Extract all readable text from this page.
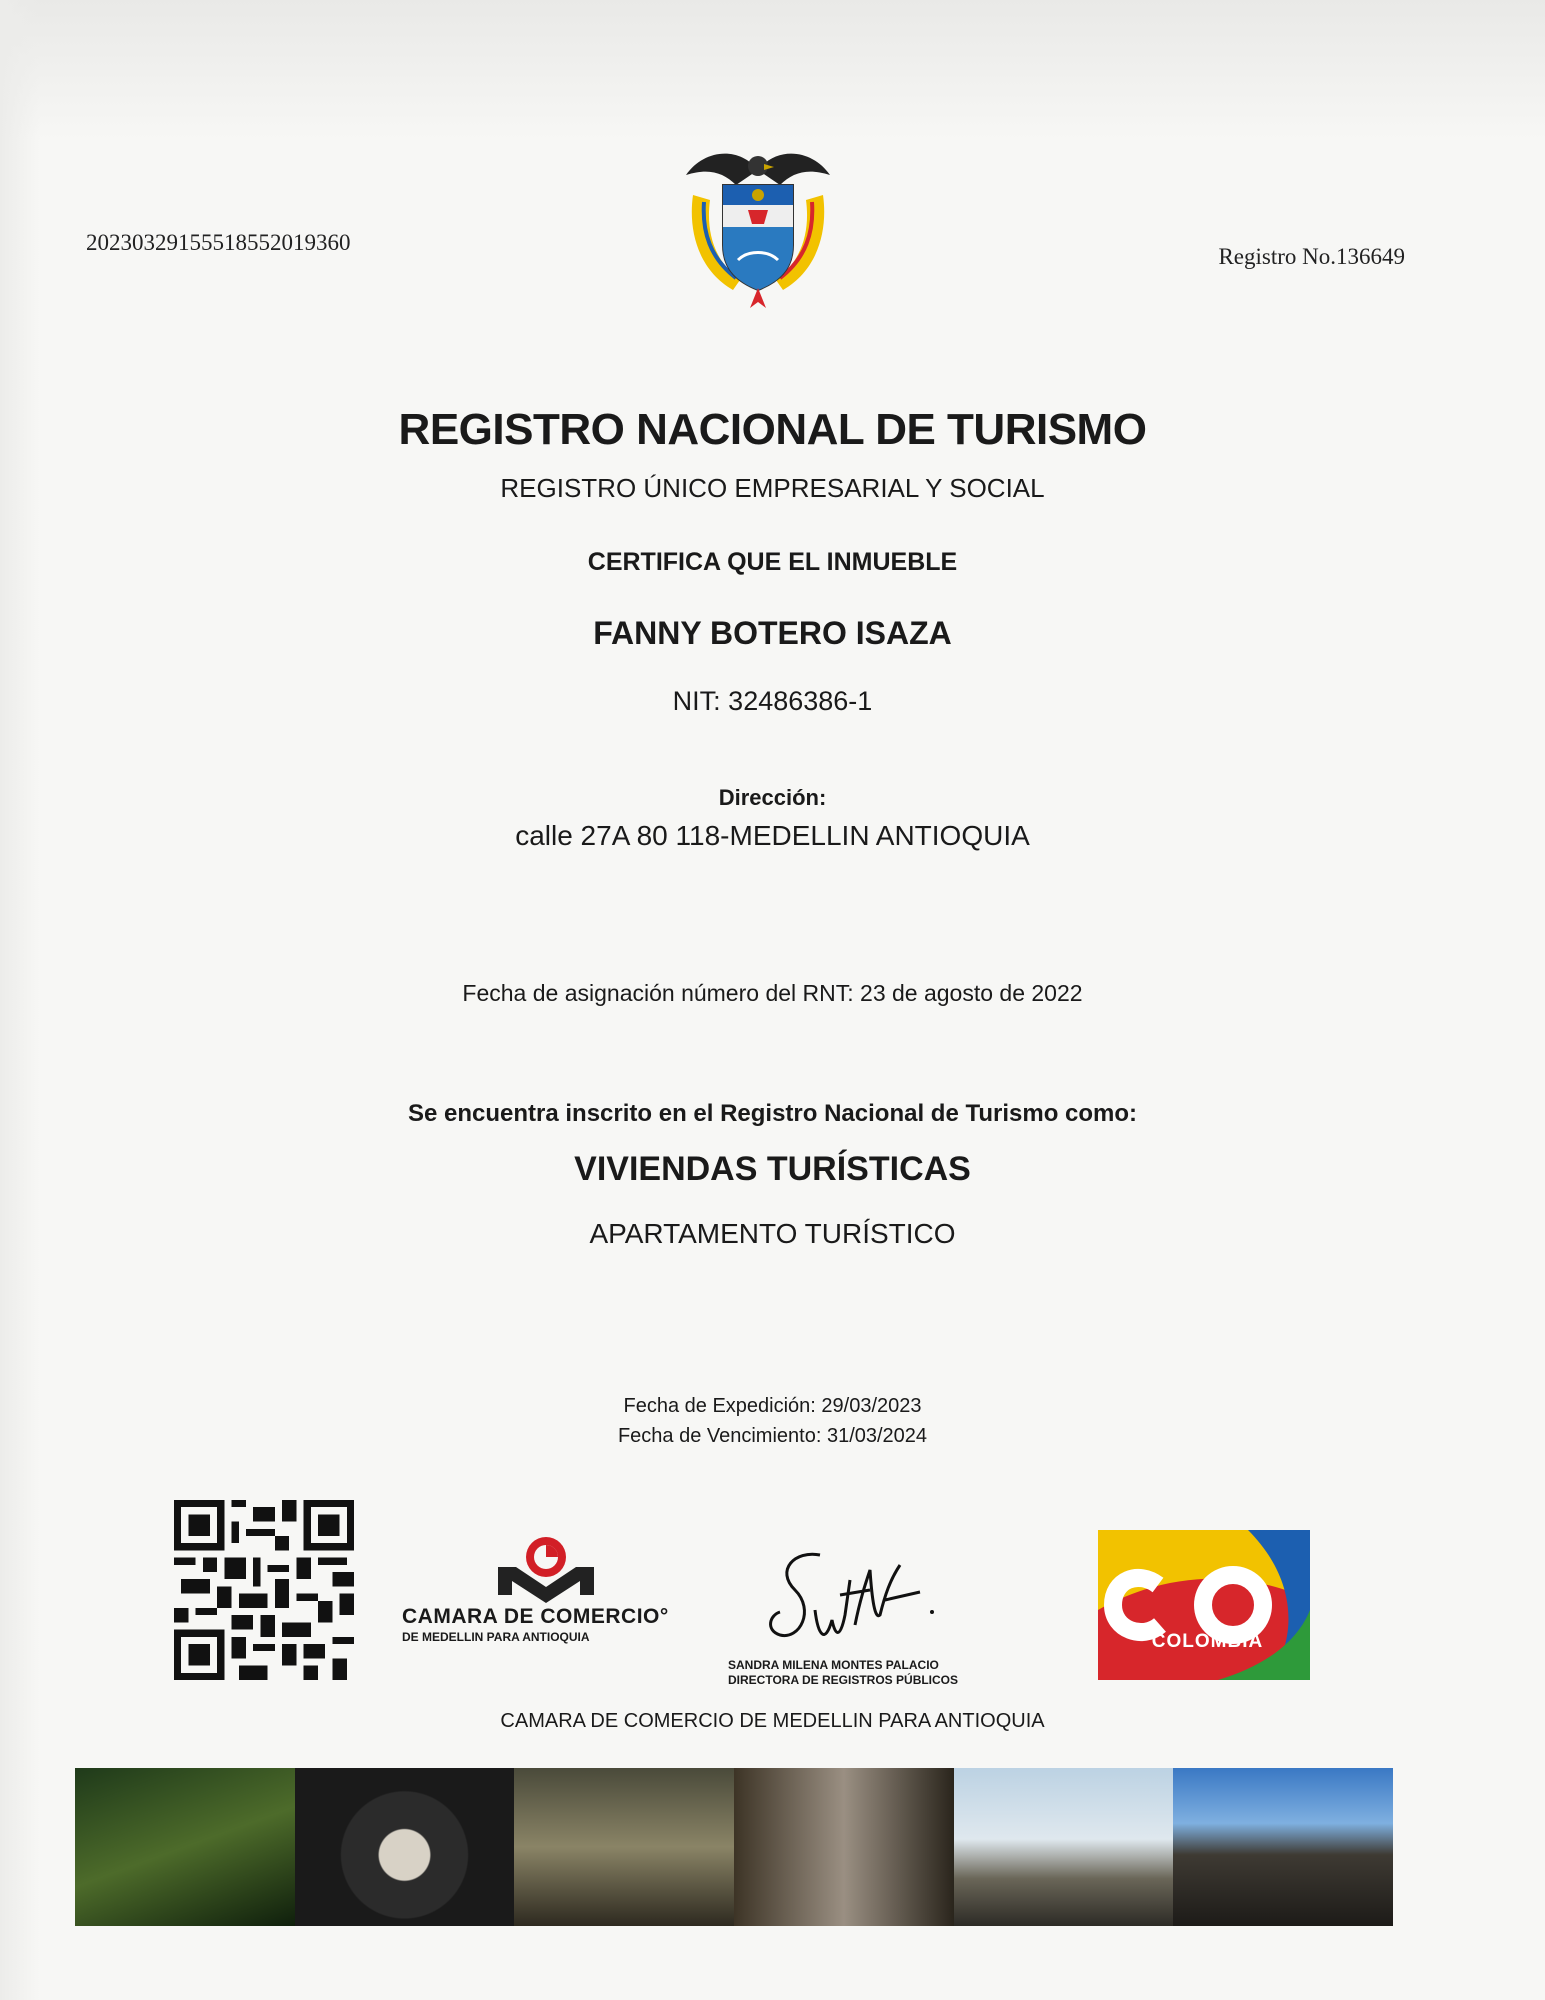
20230329155518552019360
Registro No.136649
REGISTRO NACIONAL DE TURISMO
REGISTRO ÚNICO EMPRESARIAL Y SOCIAL
CERTIFICA QUE EL INMUEBLE
FANNY BOTERO ISAZA
NIT: 32486386-1
Dirección:
calle 27A 80 118-MEDELLIN ANTIOQUIA
Fecha de asignación número del RNT: 23 de agosto de 2022
Se encuentra inscrito en el Registro Nacional de Turismo como:
VIVIENDAS TURÍSTICAS
APARTAMENTO TURÍSTICO
Fecha de Expedición: 29/03/2023
Fecha de Vencimiento: 31/03/2024
CAMARA DE COMERCIO°
DE MEDELLIN PARA ANTIOQUIA
SANDRA MILENA MONTES PALACIO
DIRECTORA DE REGISTROS PÚBLICOS
COLOMBIA
CAMARA DE COMERCIO DE MEDELLIN PARA ANTIOQUIA
